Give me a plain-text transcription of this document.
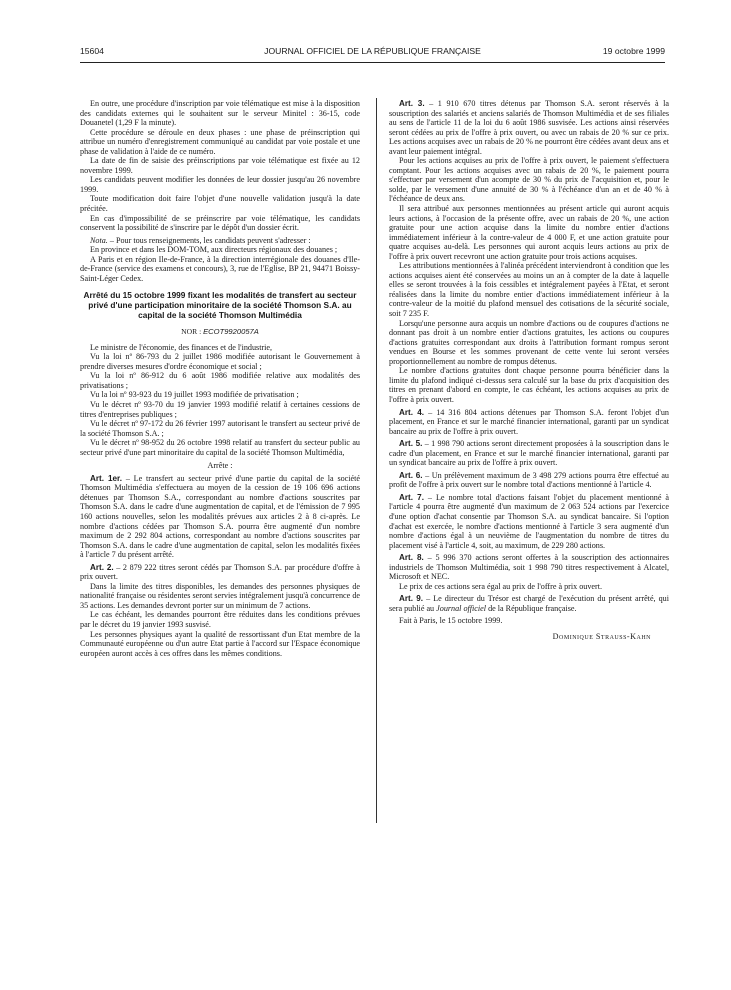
15604	JOURNAL OFFICIEL DE LA RÉPUBLIQUE FRANÇAISE	19 octobre 1999

En outre, une procédure d'inscription par voie télématique est mise à la disposition des candidats externes qui le souhaitent sur le serveur Minitel : 36-15, code Douanetel (1,29 F la minute).

Cette procédure se déroule en deux phases : une phase de préinscription qui attribue un numéro d'enregistrement communiqué au candidat par voie postale et une phase de validation à l'aide de ce numéro.

La date de fin de saisie des préinscriptions par voie télématique est fixée au 12 novembre 1999.

Les candidats peuvent modifier les données de leur dossier jusqu'au 26 novembre 1999.

Toute modification doit faire l'objet d'une nouvelle validation jusqu'à la date précitée.

En cas d'impossibilité de se préinscrire par voie télématique, les candidats conservent la possibilité de s'inscrire par le dépôt d'un dossier écrit.

Nota. – Pour tous renseignements, les candidats peuvent s'adresser :

En province et dans les DOM-TOM, aux directeurs régionaux des douanes ;

A Paris et en région Ile-de-France, à la direction interrégionale des douanes d'Ile-de-France (service des examens et concours), 3, rue de l'Eglise, BP 21, 94471 Boissy-Saint-Léger Cedex.

Arrêté du 15 octobre 1999 fixant les modalités de transfert au secteur privé d'une participation minoritaire de la société Thomson S.A. au capital de la société Thomson Multimédia
NOR : ECOT9920057A

Le ministre de l'économie, des finances et de l'industrie,

Vu la loi nº 86-793 du 2 juillet 1986 modifiée autorisant le Gouvernement à prendre diverses mesures d'ordre économique et social ;

Vu la loi nº 86-912 du 6 août 1986 modifiée relative aux modalités des privatisations ;

Vu la loi nº 93-923 du 19 juillet 1993 modifiée de privatisation ;

Vu le décret nº 93-70 du 19 janvier 1993 modifié relatif à certaines cessions de titres d'entreprises publiques ;

Vu le décret nº 97-172 du 26 février 1997 autorisant le transfert au secteur privé de la société Thomson S.A. ;

Vu le décret nº 98-952 du 26 octobre 1998 relatif au transfert du secteur public au secteur privé d'une part minoritaire du capital de la société Thomson Multimédia,

Arrête :

Art. 1er. – Le transfert au secteur privé d'une partie du capital de la société Thomson Multimédia s'effectuera au moyen de la cession de 19 106 696 actions détenues par Thomson S.A., correspondant au nombre d'actions souscrites par Thomson S.A. dans le cadre d'une augmentation de capital, et de l'émission de 7 995 160 actions nouvelles, selon les modalités prévues aux articles 2 à 8 ci-après. Le nombre d'actions cédées par Thomson S.A. pourra être augmenté d'un nombre maximum de 2 292 804 actions, correspondant au nombre d'actions souscrites par Thomson S.A. dans le cadre d'une augmentation de capital, selon les modalités fixées à l'article 7 du présent arrêté.

Art. 2. – 2 879 222 titres seront cédés par Thomson S.A. par procédure d'offre à prix ouvert.

Dans la limite des titres disponibles, les demandes des personnes physiques de nationalité française ou résidentes seront servies intégralement jusqu'à concurrence de 35 actions. Les demandes devront porter sur un minimum de 7 actions.

Le cas échéant, les demandes pourront être réduites dans les conditions prévues par le décret du 19 janvier 1993 susvisé.

Les personnes physiques ayant la qualité de ressortissant d'un Etat membre de la Communauté européenne ou d'un autre Etat partie à l'accord sur l'Espace économique européen auront accès à ces offres dans les mêmes conditions.

Art. 3. – 1 910 670 titres détenus par Thomson S.A. seront réservés à la souscription des salariés et anciens salariés de Thomson Multimédia et de ses filiales au sens de l'article 11 de la loi du 6 août 1986 susvisée. Les actions ainsi réservées seront cédées au prix de l'offre à prix ouvert, ou avec un rabais de 20 % sur ce prix. Les actions acquises avec un rabais de 20 % ne pourront être cédées avant deux ans et avant leur paiement intégral.

Pour les actions acquises au prix de l'offre à prix ouvert, le paiement s'effectuera comptant. Pour les actions acquises avec un rabais de 20 %, le paiement pourra s'effectuer par versement d'un acompte de 30 % du prix de l'acquisition et, pour le solde, par le versement d'une annuité de 30 % à l'échéance d'un an et de 40 % à l'échéance de deux ans.

Il sera attribué aux personnes mentionnées au présent article qui auront acquis leurs actions, à l'occasion de la présente offre, avec un rabais de 20 %, une action gratuite pour une action acquise dans la limite du nombre entier d'actions immédiatement inférieur à la contre-valeur de 4 000 F, et une action gratuite pour quatre acquises au-delà. Les personnes qui auront acquis leurs actions au prix de l'offre à prix ouvert recevront une action gratuite pour trois actions acquises.

Les attributions mentionnées à l'alinéa précédent interviendront à condition que les actions acquises aient été conservées au moins un an à compter de la date à laquelle elles se seront trouvées à la fois cessibles et intégralement payées à l'Etat, et seront réalisées dans la limite du nombre entier d'actions immédiatement inférieur à la contre-valeur de la moitié du plafond mensuel des cotisations de la sécurité sociale, soit 7 235 F.

Lorsqu'une personne aura acquis un nombre d'actions ou de coupures d'actions ne donnant pas droit à un nombre entier d'actions gratuites, les actions ou coupures d'actions gratuites correspondant aux droits à l'attribution formant rompus seront vendues en Bourse et les sommes provenant de cette vente lui seront versées proportionnellement au nombre de rompus détenus.

Le nombre d'actions gratuites dont chaque personne pourra bénéficier dans la limite du plafond indiqué ci-dessus sera calculé sur la base du prix d'acquisition des titres en prenant d'abord en compte, le cas échéant, les actions acquises au prix de l'offre à prix ouvert.

Art. 4. – 14 316 804 actions détenues par Thomson S.A. feront l'objet d'un placement, en France et sur le marché financier international, garanti par un syndicat bancaire au prix de l'offre à prix ouvert.

Art. 5. – 1 998 790 actions seront directement proposées à la souscription dans le cadre d'un placement, en France et sur le marché financier international, garanti par un syndicat bancaire au prix de l'offre à prix ouvert.

Art. 6. – Un prélèvement maximum de 3 498 279 actions pourra être effectué au profit de l'offre à prix ouvert sur le nombre total d'actions mentionné à l'article 4.

Art. 7. – Le nombre total d'actions faisant l'objet du placement mentionné à l'article 4 pourra être augmenté d'un maximum de 2 063 524 actions par l'exercice d'une option d'achat consentie par Thomson S.A. au syndicat bancaire. Si l'option d'achat est exercée, le nombre d'actions mentionné à l'article 3 sera augmenté d'un nombre d'actions égal à un neuvième de l'augmentation du nombre de titres du placement visé à l'article 4, soit, au maximum, de 229 280 actions.

Art. 8. – 5 996 370 actions seront offertes à la souscription des actionnaires industriels de Thomson Multimédia, soit 1 998 790 titres respectivement à Alcatel, Microsoft et NEC.

Le prix de ces actions sera égal au prix de l'offre à prix ouvert.

Art. 9. – Le directeur du Trésor est chargé de l'exécution du présent arrêté, qui sera publié au Journal officiel de la République française.

Fait à Paris, le 15 octobre 1999.

Dominique Strauss-Kahn
